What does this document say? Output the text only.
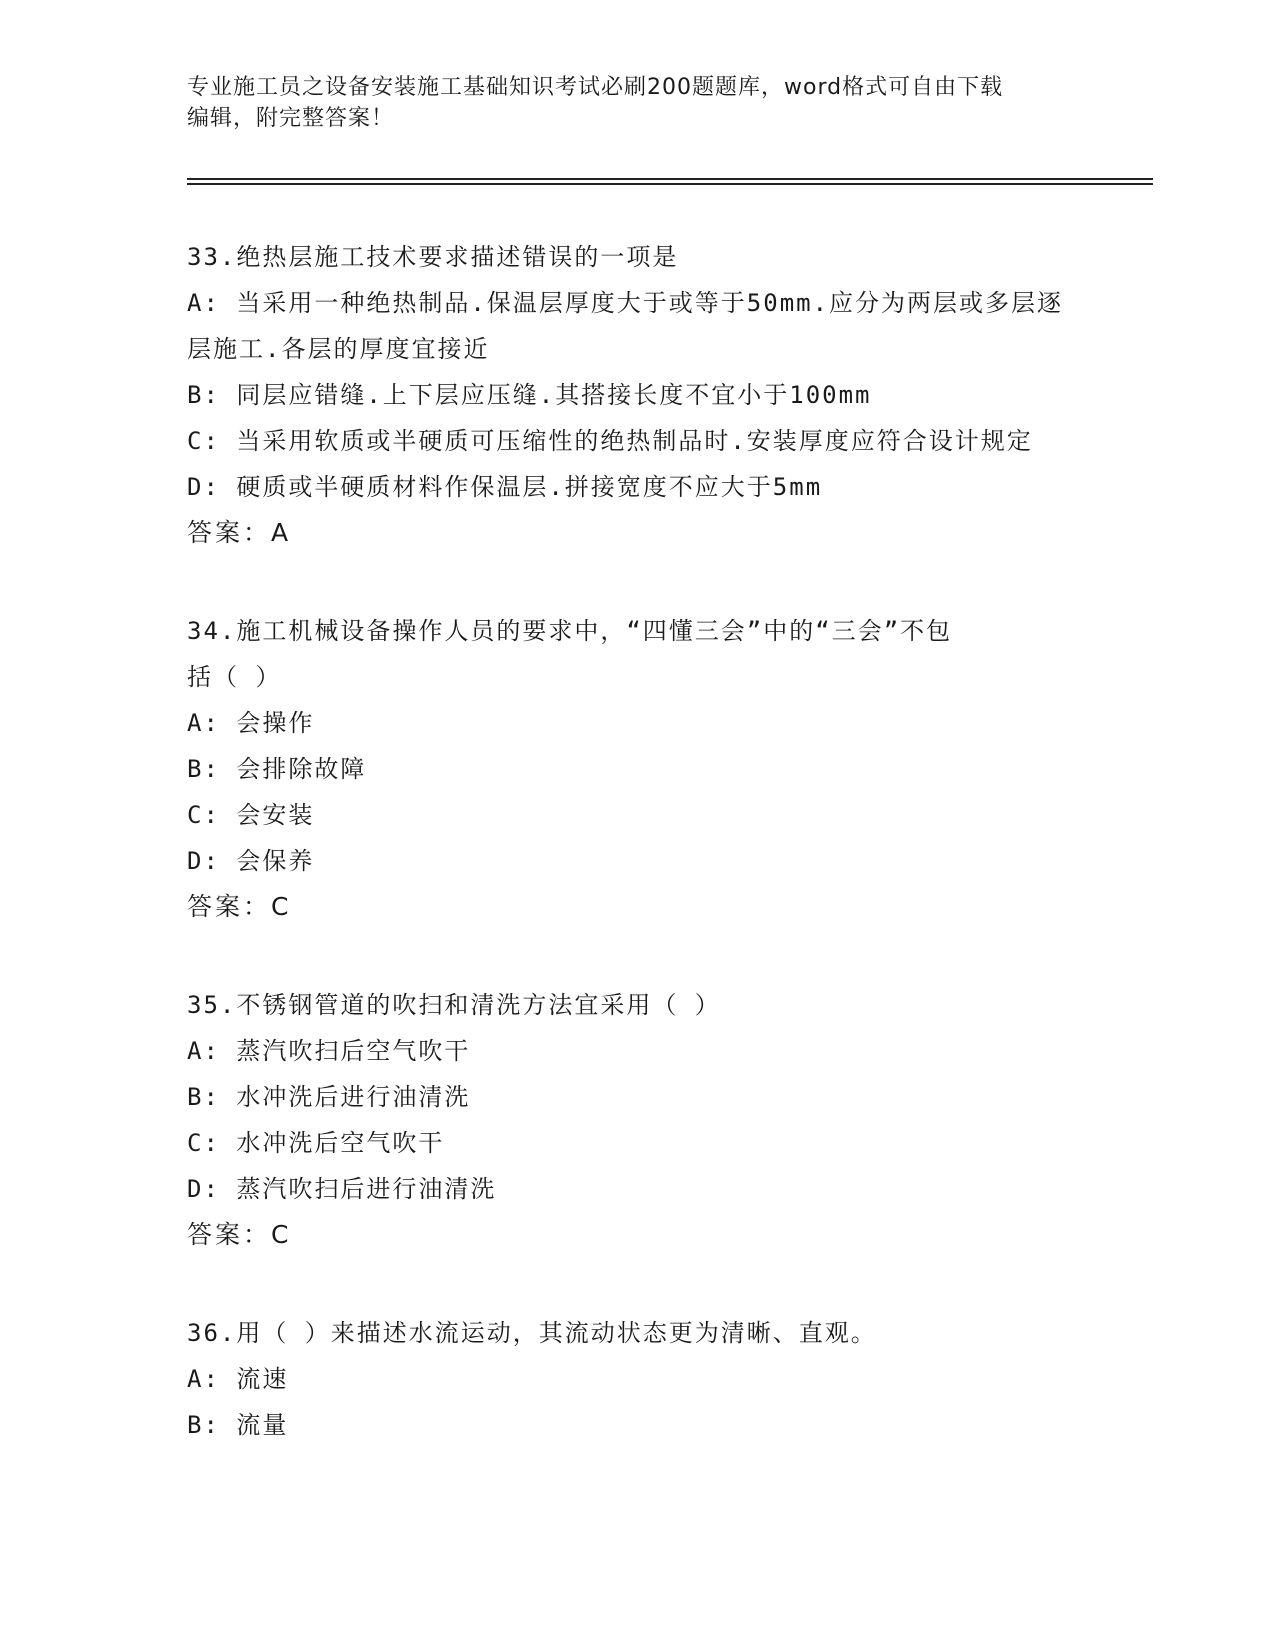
专业施工员之设备安装施工基础知识考试必刷200题题库，word格式可自由下载
编辑，附完整答案！
33.绝热层施工技术要求描述错误的一项是
A: 当采用一种绝热制品.保温层厚度大于或等于50mm.应分为两层或多层逐层施工.各层的厚度宜接近
B: 同层应错缝.上下层应压缝.其搭接长度不宜小于100mm
C: 当采用软质或半硬质可压缩性的绝热制品时.安装厚度应符合设计规定
D: 硬质或半硬质材料作保温层.拼接宽度不应大于5mm
答案：A
34.施工机械设备操作人员的要求中，“四懂三会”中的“三会”不包
括（ ）
A: 会操作
B: 会排除故障
C: 会安装
D: 会保养
答案：C
35.不锈钢管道的吹扫和清洗方法宜采用（ ）
A: 蒸汽吹扫后空气吹干
B: 水冲洗后进行油清洗
C: 水冲洗后空气吹干
D: 蒸汽吹扫后进行油清洗
答案：C
36.用（ ）来描述水流运动，其流动状态更为清晰、直观。
A: 流速
B: 流量
